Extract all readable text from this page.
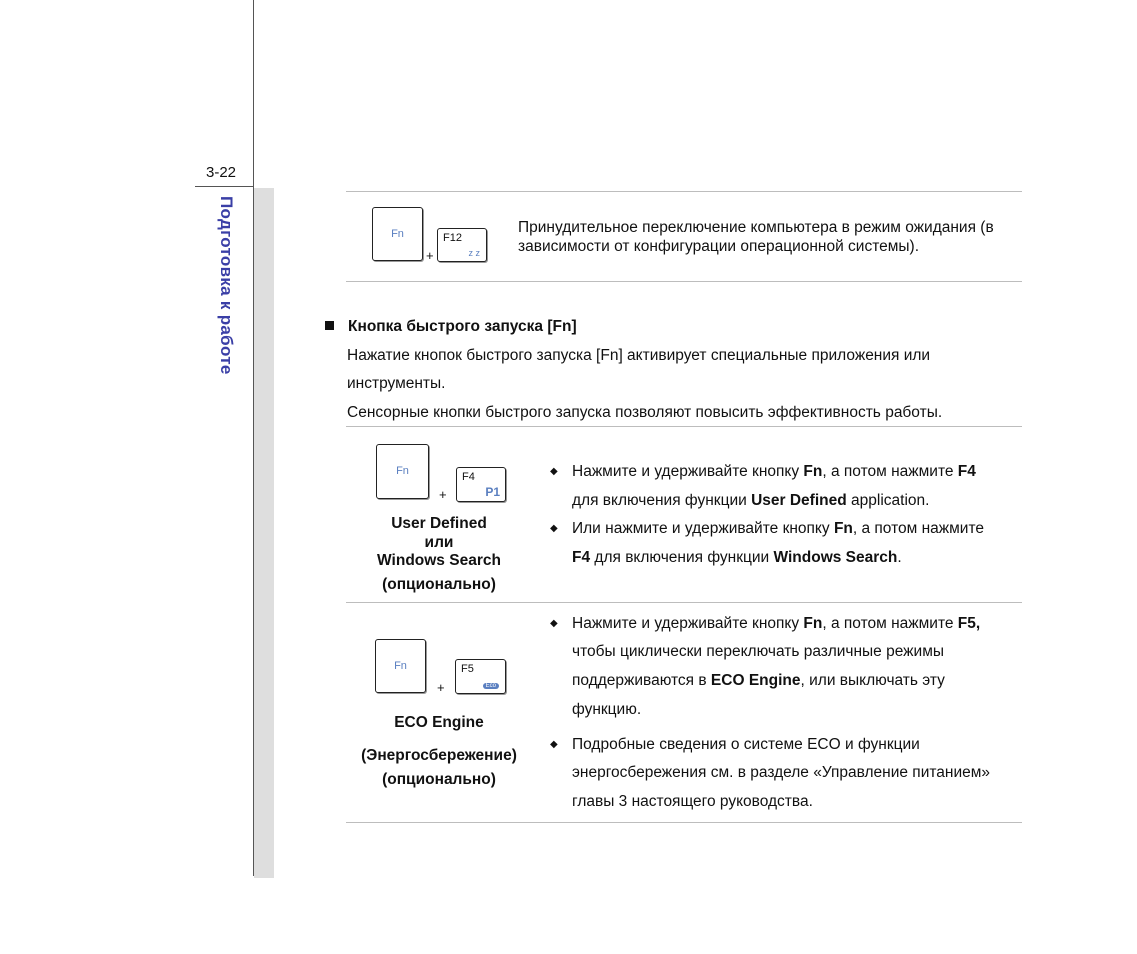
3-22
Подготовка к работе	Fn
+
F12
z z
Принудительное переключение компьютера в режим ожидания (в
зависимости от конфигурации операционной системы).
Кнопка быстрого запуска [Fn]
Нажатие кнопок быстрого запуска [Fn] активирует специальные приложения или
инструменты.
Сенсорные кнопки быстрого запуска позволяют повысить эффективность работы.
Fn
+
F4
P1
User Defined
или
Windows Search
(опционально)
◆ Нажмите и удерживайте кнопку Fn, а потом нажмите F4
для включения функции User Defined application.
◆ Или нажмите и удерживайте кнопку Fn, а потом нажмите
F4 для включения функции Windows Search.
Fn
+
F5
Eco
ECO Engine
(Энергосбережение)
(опционально)
◆ Нажмите и удерживайте кнопку Fn, а потом нажмите F5,
чтобы циклически переключать различные режимы
поддерживаются в ECO Engine, или выключать эту
функцию.
◆ Подробные сведения о системе ECO и функции
энергосбережения см. в разделе «Управление питанием»
главы 3 настоящего руководства.
